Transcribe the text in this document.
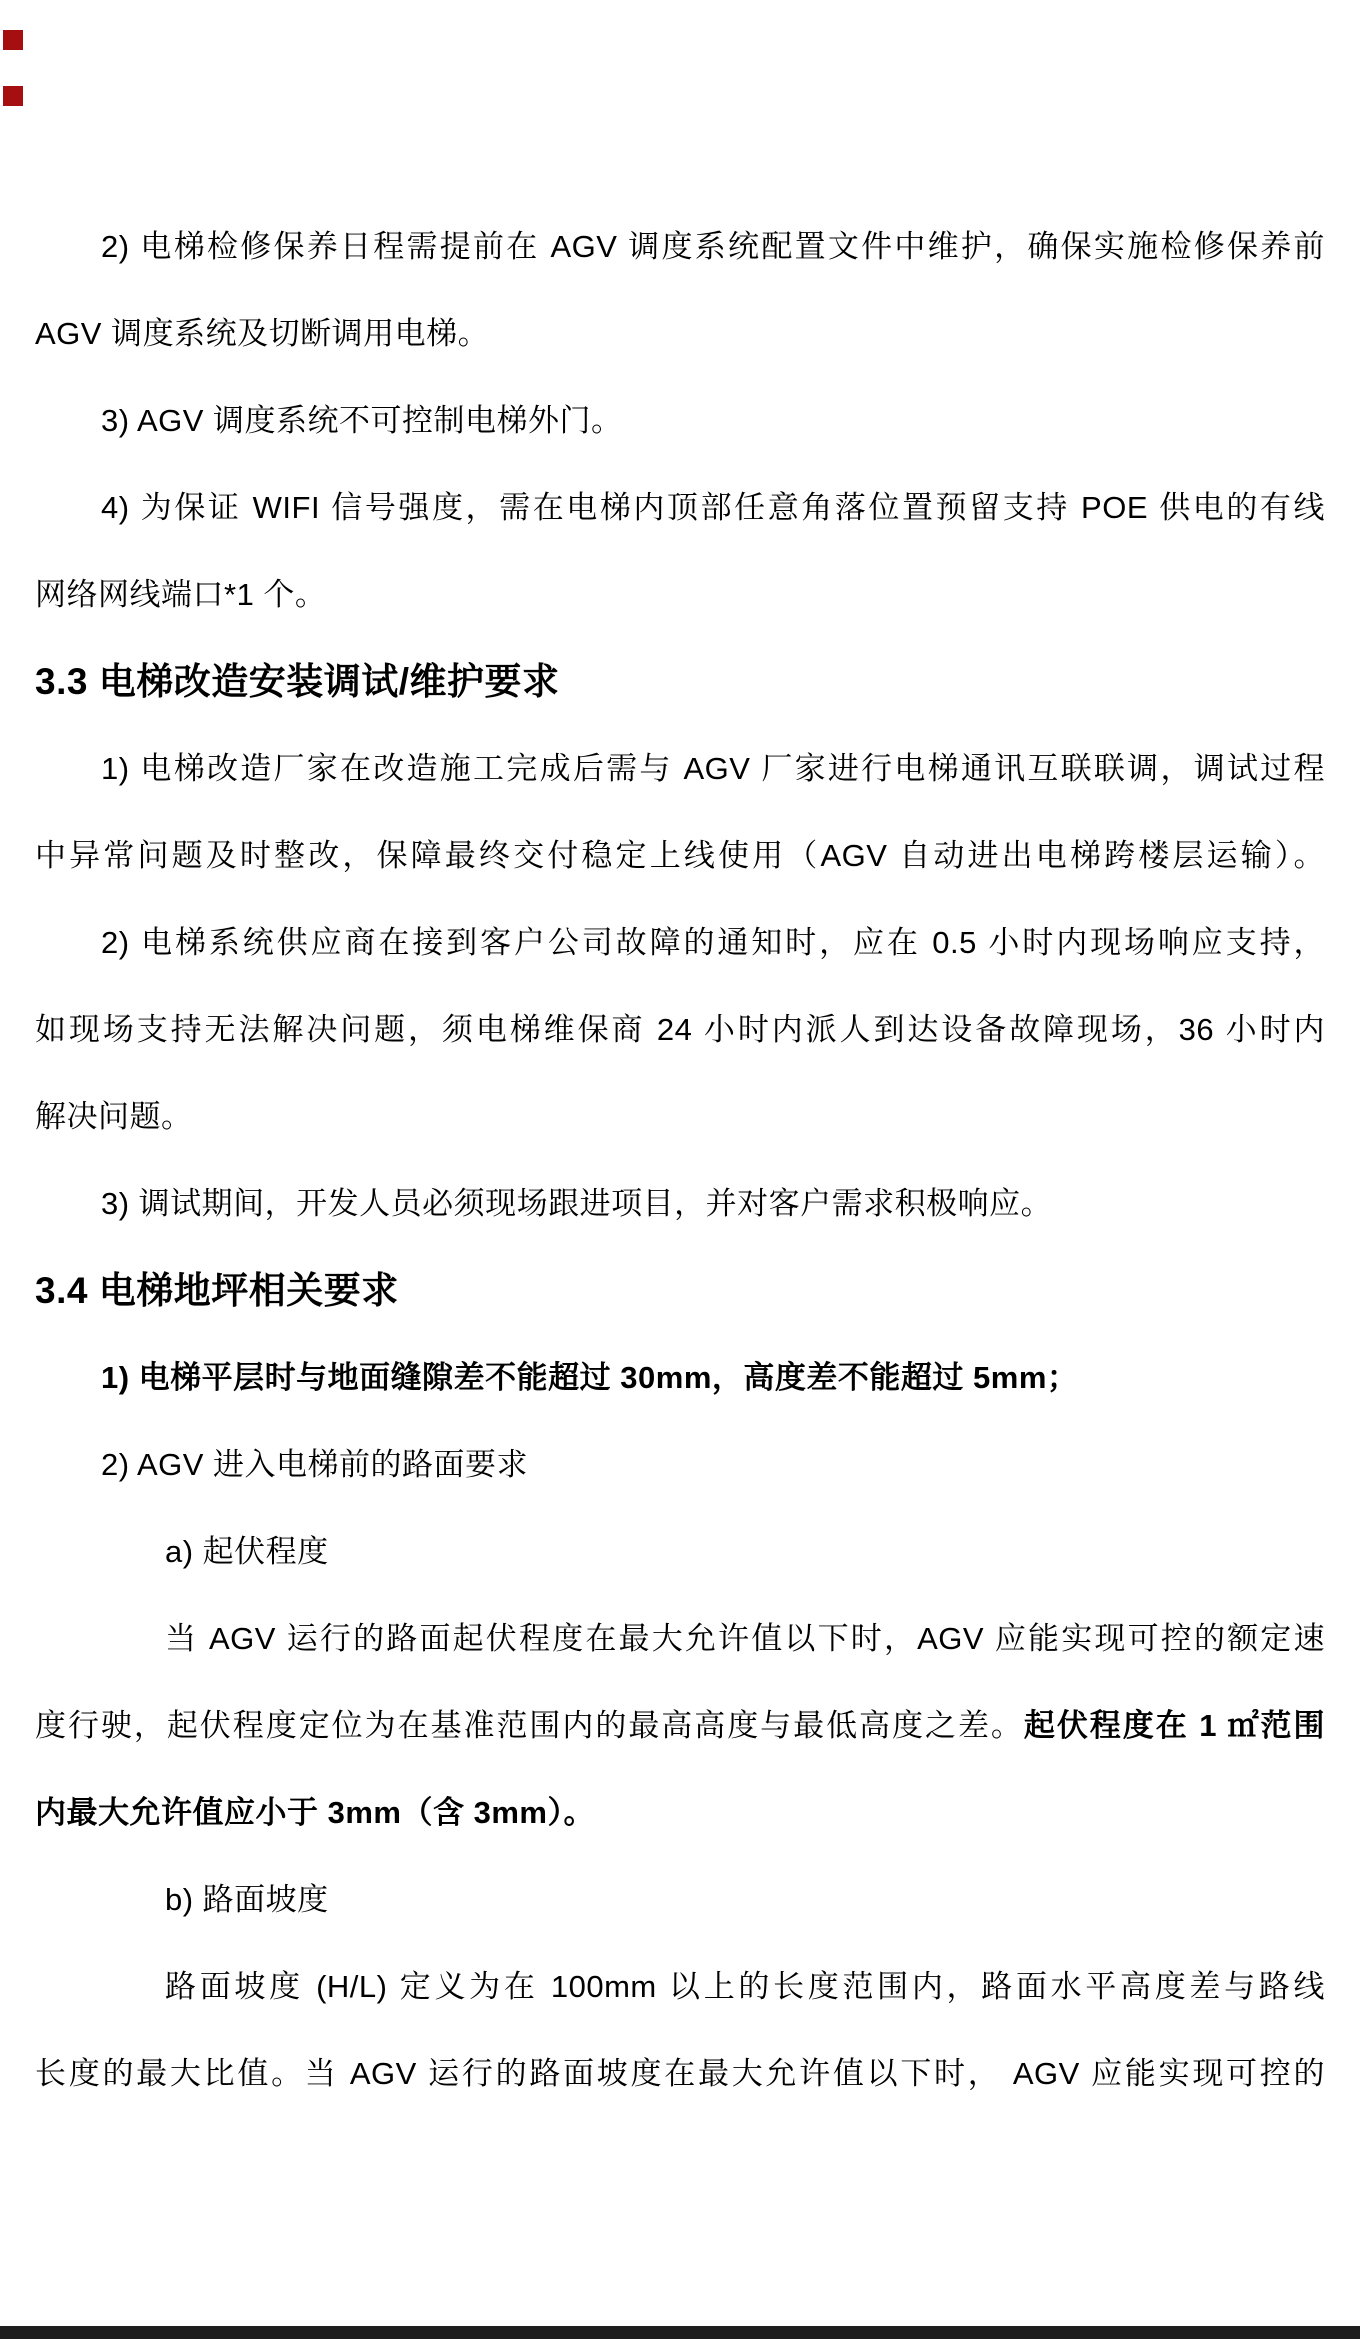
2) 电梯检修保养日程需提前在 AGV 调度系统配置文件中维护，确保实施检修保养前
AGV 调度系统及切断调用电梯。
3) AGV 调度系统不可控制电梯外门。
4) 为保证 WIFI 信号强度，需在电梯内顶部任意角落位置预留支持 POE 供电的有线
网络网线端口*1 个。
3.3 电梯改造安装调试/维护要求
1) 电梯改造厂家在改造施工完成后需与 AGV 厂家进行电梯通讯互联联调，调试过程
中异常问题及时整改，保障最终交付稳定上线使用（AGV 自动进出电梯跨楼层运输）。
2) 电梯系统供应商在接到客户公司故障的通知时，应在 0.5 小时内现场响应支持，
如现场支持无法解决问题，须电梯维保商 24 小时内派人到达设备故障现场，36 小时内
解决问题。
3) 调试期间，开发人员必须现场跟进项目，并对客户需求积极响应。
3.4 电梯地坪相关要求
1) 电梯平层时与地面缝隙差不能超过 30mm，高度差不能超过 5mm；
2) AGV 进入电梯前的路面要求
a) 起伏程度
当 AGV 运行的路面起伏程度在最大允许值以下时，AGV 应能实现可控的额定速
度行驶，起伏程度定位为在基准范围内的最高高度与最低高度之差。起伏程度在 1 ㎡范围
内最大允许值应小于 3mm（含 3mm）。
b) 路面坡度
路面坡度 (H/L) 定义为在 100mm 以上的长度范围内，路面水平高度差与路线
长度的最大比值。当 AGV 运行的路面坡度在最大允许值以下时， AGV 应能实现可控的
